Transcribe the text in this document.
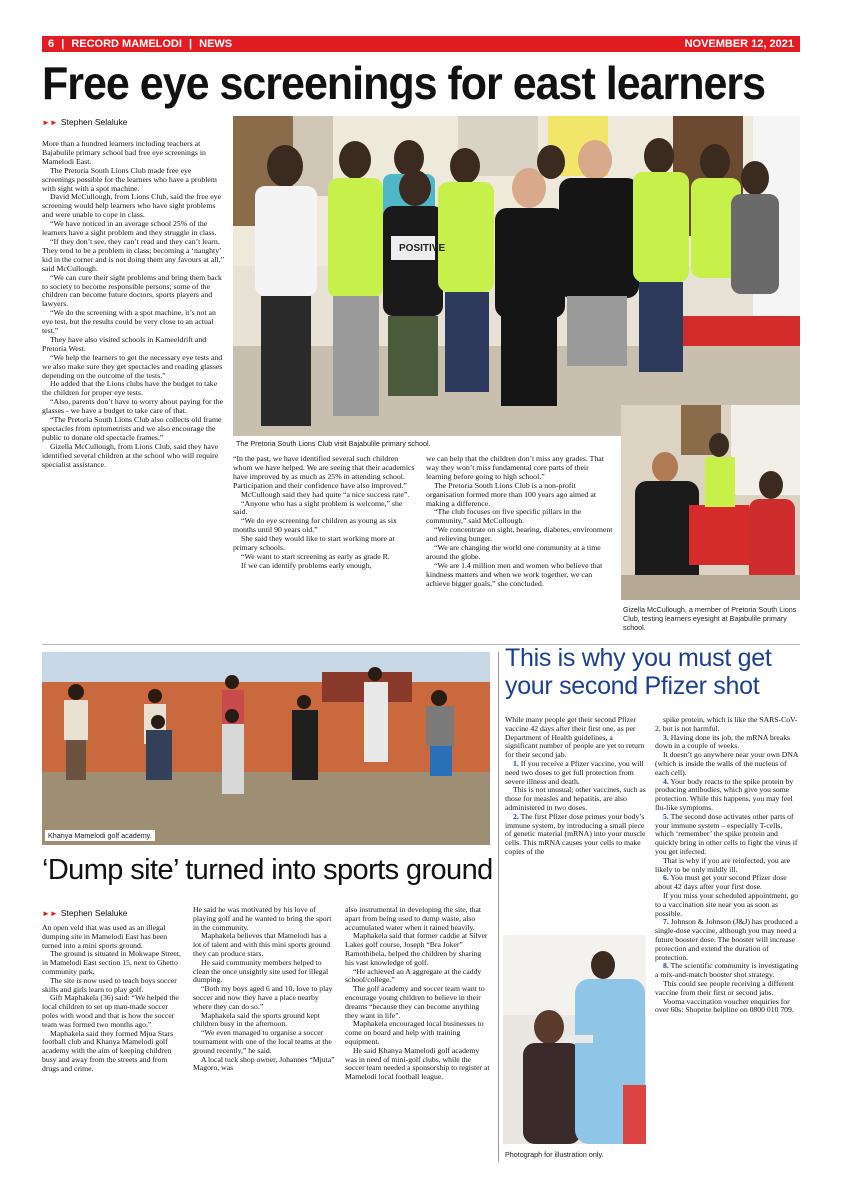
6 | RECORD MAMELODI | NEWS	NOVEMBER 12, 2021
Free eye screenings for east learners
►► Stephen Selaluke

More than a hundred learners including teachers at Bajabulile primary school had free eye screenings in Mamelodi East.

The Pretoria South Lions Club made free eye screenings possible for the learners who have a problem with sight with a spot machine.

David McCullough, from Lions Club, said the free eye screening would help learners who have sight problems and were unable to cope in class.

“We have noticed in an average school 25% of the learners have a sight problem and they struggle in class.

“If they don’t see, they can’t read and they can’t learn. They tend to be a problem in class; becoming a ‘naughty’ kid in the corner and is not doing them any favours at all,” said McCullough.

“We can cure their sight problems and bring them back to society to become responsible persons; some of the children can become future doctors, sports players and lawyers.

“We do the screening with a spot machine, it’s not an eye test, but the results could be very close to an actual test.”

They have also visited schools in Kameeldrift and Pretoria West.

“We help the learners to get the necessary eye tests and we also make sure they get spectacles and reading glasses depending on the outcome of the tests.”

He added that the Lions clubs have the budget to take the children for proper eye tests.

“Also, parents don’t have to worry about paying for the glasses - we have a budget to take care of that.

“The Pretoria South Lions Club also collects old frame spectacles from optometrists and we also encourage the public to donate old spectacle frames.”

Gizella McCullough, from Lions Club, said they have identified several children at the school who will require specialist assistance.

POSITIVE
The Pretoria South Lions Club visit Bajabulile primary school.

“In the past, we have identified several such children whom we have helped. We are seeing that their academics have improved by as much as 25% in attending school. Participation and their confidence have also improved.”

McCullough said they had quite “a nice success rate”.

“Anyone who has a sight problem is welcome,” she said.

“We do eye screening for children as young as six months until 90 years old.”

She said they would like to start working more at primary schools.

“We want to start screening as early as grade R.

If we can identify problems early enough,

we can help that the children don’t miss any grades. That way they won’t miss fundamental core parts of their learning before going to high school.”

The Pretoria South Lions Club is a non-profit organisation formed more than 100 years ago aimed at making a difference.

“The club focuses on five specific pillars in the community,” said McCullough.

“We concentrate on sight, hearing, diabetes, environment and relieving hunger.

“We are changing the world one community at a time around the globe.

“We are 1.4 million men and women who believe that kindness matters and when we work together, we can achieve bigger goals,” she concluded.

Gizella McCullough, a member of Pretoria South Lions Club, testing learners eyesight at Bajabulile primary school.
Khanya Mamelodi golf academy.
‘Dump site’ turned into sports ground
►► Stephen Selaluke

An open veld that was used as an illegal dumping site in Mamelodi East has been turned into a mini sports ground.

The ground is situated in Mokwape Street, in Mamelodi East section 15, next to Ghetto community park.

The site is now used to teach boys soccer skills and girls learn to play golf.

Gift Maphakela (36) said: “We helped the local children to set up man-made soccer poles with wood and that is how the soccer team was formed two months ago.”

Maphakela said they formed Mjua Stars football club and Khanya Mamelodi golf academy with the aim of keeping children busy and away from the streets and from drugs and crime.

He said he was motivated by his love of playing golf and he wanted to bring the sport in the community.

Maphakela believes that Mamelodi has a lot of talent and with this mini sports ground they can produce stars.

He said community members helped to clean the once unsightly site used for illegal dumping.

“Both my boys aged 6 and 10, love to play soccer and now they have a place nearby where they can do so.”

Maphakela said the sports ground kept children busy in the afternoon.

“We even managed to organise a soccer tournament with one of the local teams at the ground recently,” he said.

A local tuck shop owner, Johannes “Mjuta” Magoro, was

also instrumental in developing the site, that apart from being used to dump waste, also accumulated water when it rained heavily.

Maphakela said that former caddie at Silver Lakes golf course, Joseph “Bra Joker” Ramothibela, helped the children by sharing his vast knowledge of golf.

“He achieved an A aggregate at the caddy school/college.”

The golf academy and soccer team want to encourage young children to believe in their dreams “because they can become anything they want in life”.

Maphakela encouraged local businesses to come on board and help with training equipment.

He said Khanya Mamelodi golf academy was in need of mini-golf clubs, while the soccer team needed a sponsorship to register at Mamelodi local football league.

This is why you must get your second Pfizer shot

While many people get their second Pfizer vaccine 42 days after their first one, as per Department of Health guidelines, a significant number of people are yet to return for their second jab.

1. If you receive a Pfizer vaccine, you will need two doses to get full protection from severe illness and death.

This is not unusual; other vaccines, such as those for measles and hepatitis, are also administered in two doses.

2. The first Pfizer dose primes your body’s immune system, by introducing a small piece of genetic material (mRNA) into your muscle cells. This mRNA causes your cells to make copies of the

spike protein, which is like the SARS-CoV-2, but is not harmful.

3. Having done its job, the mRNA breaks down in a couple of weeks.

It doesn’t go anywhere near your own DNA (which is inside the walls of the nucleus of each cell).

4. Your body reacts to the spike protein by producing antibodies, which give you some protection. While this happens, you may feel flu-like symptoms.

5. The second dose activates other parts of your immune system – especially T-cells, which ‘remember’ the spike protein and quickly bring in other cells to fight the virus if you get infected.

That is why if you are reinfected, you are likely to be only mildly ill.

6. You must get your second Pfizer dose about 42 days after your first dose.

If you miss your scheduled appointment, go to a vaccination site near you as soon as possible.

7. Johnson & Johnson (J&J) has produced a single-dose vaccine, although you may need a future booster dose. The booster will increase protection and extend the duration of protection.

8. The scientific community is investigating a mix-and-match booster shot strategy.

This could see people receiving a different vaccine from their first or second jabs.

Vooma vaccination voucher enquiries for over 60s: Shoprite helpline on 0800 010 709.

Photograph for illustration only.
